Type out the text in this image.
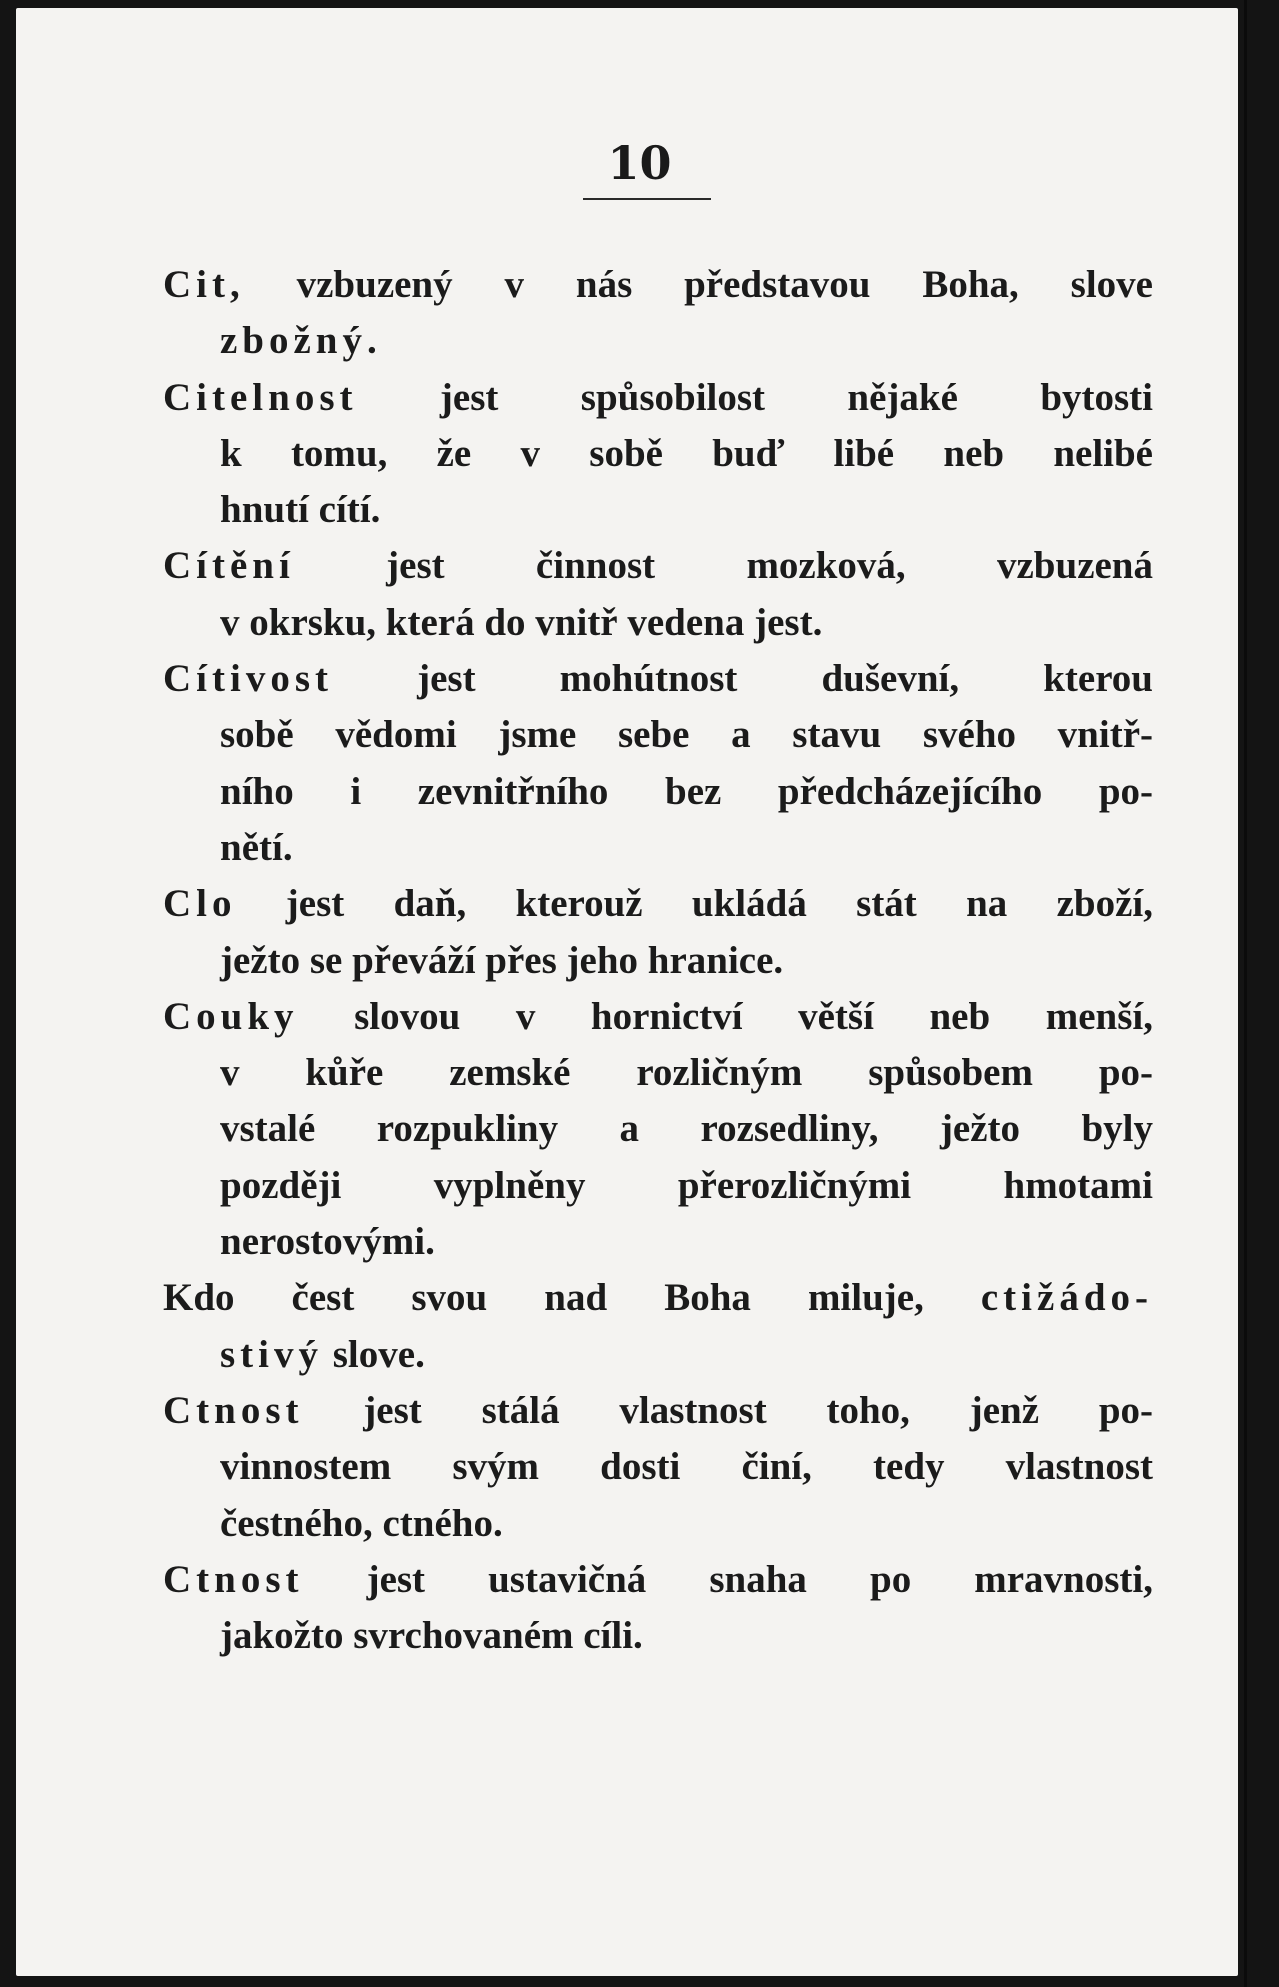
10
Cit, vzbuzený v nás představou Boha, slove
zbožný.
Citelnost jest spůsobilost nějaké bytosti
k tomu, že v sobě buď libé neb nelibé
hnutí cítí.
Cítění jest činnost mozková, vzbuzená
v okrsku, která do vnitř vedena jest.
Cítivost jest mohútnost duševní, kterou
sobě vědomi jsme sebe a stavu svého vnitř-
ního i zevnitřního bez předcházejícího po-
nětí.
Clo jest daň, kterouž ukládá stát na zboží,
ježto se převáží přes jeho hranice.
Couky slovou v hornictví větší neb menší,
v kůře zemské rozličným spůsobem po-
vstalé rozpukliny a rozsedliny, ježto byly
později vyplněny přerozličnými hmotami
nerostovými.
Kdo čest svou nad Boha miluje, ctižádo-
stivý slove.
Ctnost jest stálá vlastnost toho, jenž po-
vinnostem svým dosti činí, tedy vlastnost
čestného, ctného.
Ctnost jest ustavičná snaha po mravnosti,
jakožto svrchovaném cíli.
